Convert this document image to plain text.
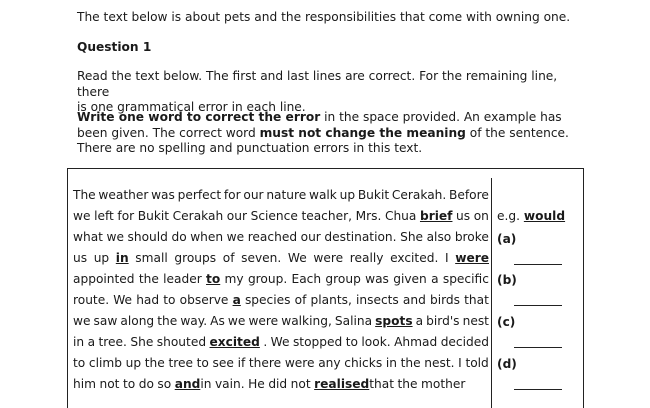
The text below is about pets and the responsibilities that come with owning one.

Question 1

Read the text below. The first and last lines are correct. For the remaining line, there
is one grammatical error in each line.

Write one word to correct the error in the space provided. An example has
been given. The correct word must not change the meaning of the sentence.
There are no spelling and punctuation errors in this text.

The weather was perfect for our nature walk up Bukit Cerakah. Before
we left for Bukit Cerakah our Science teacher, Mrs. Chua brief us on
what we should do when we reached our destination. She also broke
us up in small groups of seven. We were really excited. I were
appointed the leader to my group. Each group was given a specific
route. We had to observe a species of plants, insects and birds that
we saw along the way. As we were walking, Salina spots a bird's nest
in a tree. She shouted excited . We stopped to look. Ahmad decided
to climb up the tree to see if there were any chicks in the nest. I told
him not to do so and in vain. He did not realised that the mother
e.g. would
(a)
(b)
(c)
(d)
